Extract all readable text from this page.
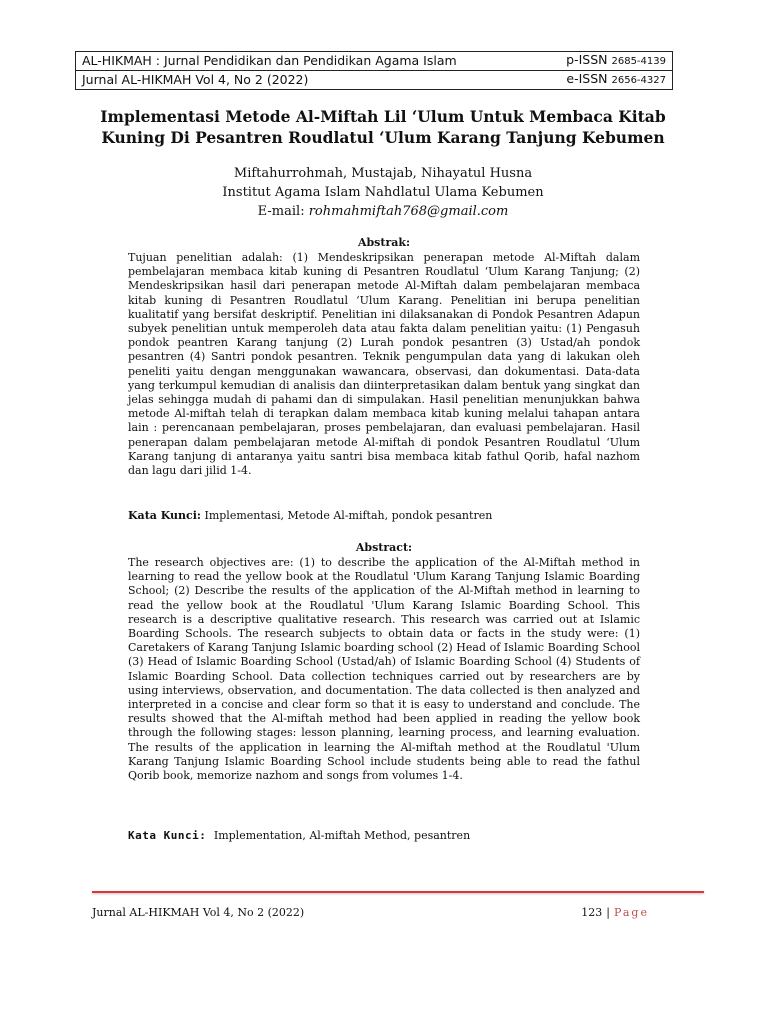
AL-HIKMAH : Jurnal Pendidikan dan Pendidikan Agama Islam	p-ISSN 2685-4139
Jurnal AL-HIKMAH Vol 4, No 2 (2022)	e-ISSN 2656-4327
Implementasi Metode Al-Miftah Lil ‘Ulum Untuk Membaca Kitab
Kuning Di Pesantren Roudlatul ‘Ulum Karang Tanjung Kebumen
Miftahurrohmah, Mustajab, Nihayatul Husna
Institut Agama Islam Nahdlatul Ulama Kebumen
E-mail: rohmahmiftah768@gmail.com
Abstrak:

Tujuan penelitian adalah: (1) Mendeskripsikan penerapan metode Al-Miftah dalam pembelajaran membaca kitab kuning di Pesantren Roudlatul ‘Ulum Karang Tanjung; (2) Mendeskripsikan hasil dari penerapan metode Al-Miftah dalam pembelajaran membaca kitab kuning di Pesantren Roudlatul ‘Ulum Karang. Penelitian ini berupa penelitian kualitatif yang bersifat deskriptif. Penelitian ini dilaksanakan di Pondok Pesantren Adapun subyek penelitian untuk memperoleh data atau fakta dalam penelitian yaitu: (1) Pengasuh pondok peantren Karang tanjung (2) Lurah pondok pesantren (3) Ustad/ah pondok pesantren (4) Santri pondok pesantren. Teknik pengumpulan data yang di lakukan oleh peneliti yaitu dengan menggunakan wawancara, observasi, dan dokumentasi. Data-data yang terkumpul kemudian di analisis dan diinterpretasikan dalam bentuk yang singkat dan jelas sehingga mudah di pahami dan di simpulakan. Hasil penelitian menunjukkan bahwa metode Al-miftah telah di terapkan dalam membaca kitab kuning melalui tahapan antara lain : perencanaan pembelajaran, proses pembelajaran, dan evaluasi pembelajaran. Hasil penerapan dalam pembelajaran metode Al-miftah di pondok Pesantren Roudlatul ‘Ulum Karang tanjung di antaranya yaitu santri bisa membaca kitab fathul Qorib, hafal nazhom dan lagu dari jilid 1-4.

Kata Kunci: Implementasi, Metode Al-miftah, pondok pesantren
Abstract:

The research objectives are: (1) to describe the application of the Al-Miftah method in learning to read the yellow book at the Roudlatul 'Ulum Karang Tanjung Islamic Boarding School; (2) Describe the results of the application of the Al-Miftah method in learning to read the yellow book at the Roudlatul 'Ulum Karang Islamic Boarding School. This research is a descriptive qualitative research. This research was carried out at Islamic Boarding Schools. The research subjects to obtain data or facts in the study were: (1) Caretakers of Karang Tanjung Islamic boarding school (2) Head of Islamic Boarding School (3) Head of Islamic Boarding School (Ustad/ah) of Islamic Boarding School (4) Students of Islamic Boarding School. Data collection techniques carried out by researchers are by using interviews, observation, and documentation. The data collected is then analyzed and interpreted in a concise and clear form so that it is easy to understand and conclude. The results showed that the Al-miftah method had been applied in reading the yellow book through the following stages: lesson planning, learning process, and learning evaluation. The results of the application in learning the Al-miftah method at the Roudlatul 'Ulum Karang Tanjung Islamic Boarding School include students being able to read the fathul Qorib book, memorize nazhom and songs from volumes 1-4.

Kata Kunci: Implementation, Al-miftah Method, pesantren
Jurnal AL-HIKMAH Vol 4, No 2 (2022)	123 | Page
